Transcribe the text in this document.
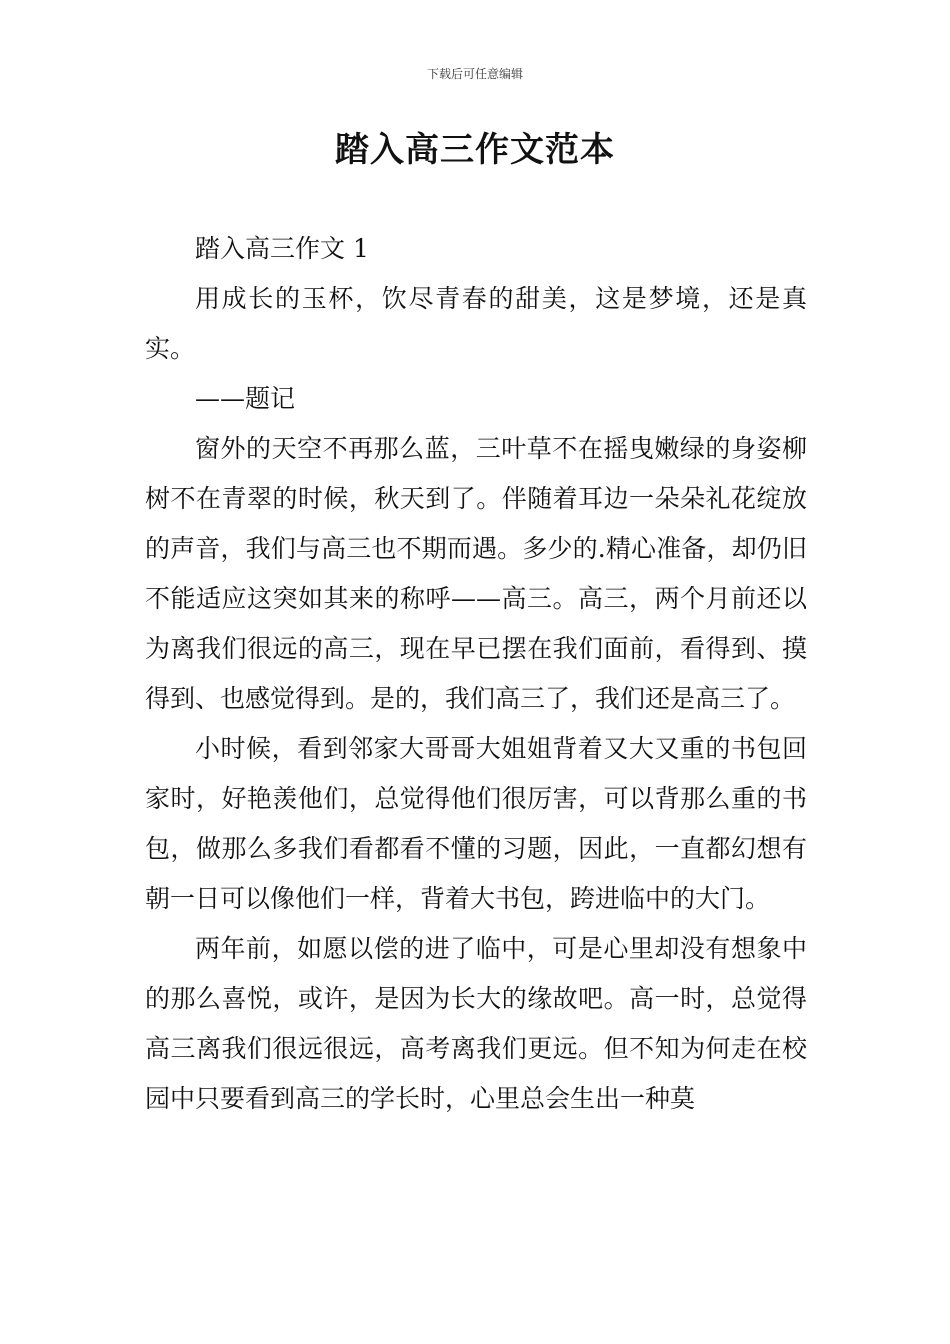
下载后可任意编辑
踏入高三作文范本

踏入高三作文 1

用成长的玉杯，饮尽青春的甜美，这是梦境，还是真实。

——题记

窗外的天空不再那么蓝，三叶草不在摇曳嫩绿的身姿柳树不在青翠的时候，秋天到了。伴随着耳边一朵朵礼花绽放的声音，我们与高三也不期而遇。多少的.精心准备，却仍旧不能适应这突如其来的称呼——高三。高三，两个月前还以为离我们很远的高三，现在早已摆在我们面前，看得到、摸得到、也感觉得到。是的，我们高三了，我们还是高三了。

小时候，看到邻家大哥哥大姐姐背着又大又重的书包回家时，好艳羡他们，总觉得他们很厉害，可以背那么重的书包，做那么多我们看都看不懂的习题，因此，一直都幻想有朝一日可以像他们一样，背着大书包，跨进临中的大门。

两年前，如愿以偿的进了临中，可是心里却没有想象中的那么喜悦，或许，是因为长大的缘故吧。高一时，总觉得高三离我们很远很远，高考离我们更远。但不知为何走在校园中只要看到高三的学长时，心里总会生出一种莫
